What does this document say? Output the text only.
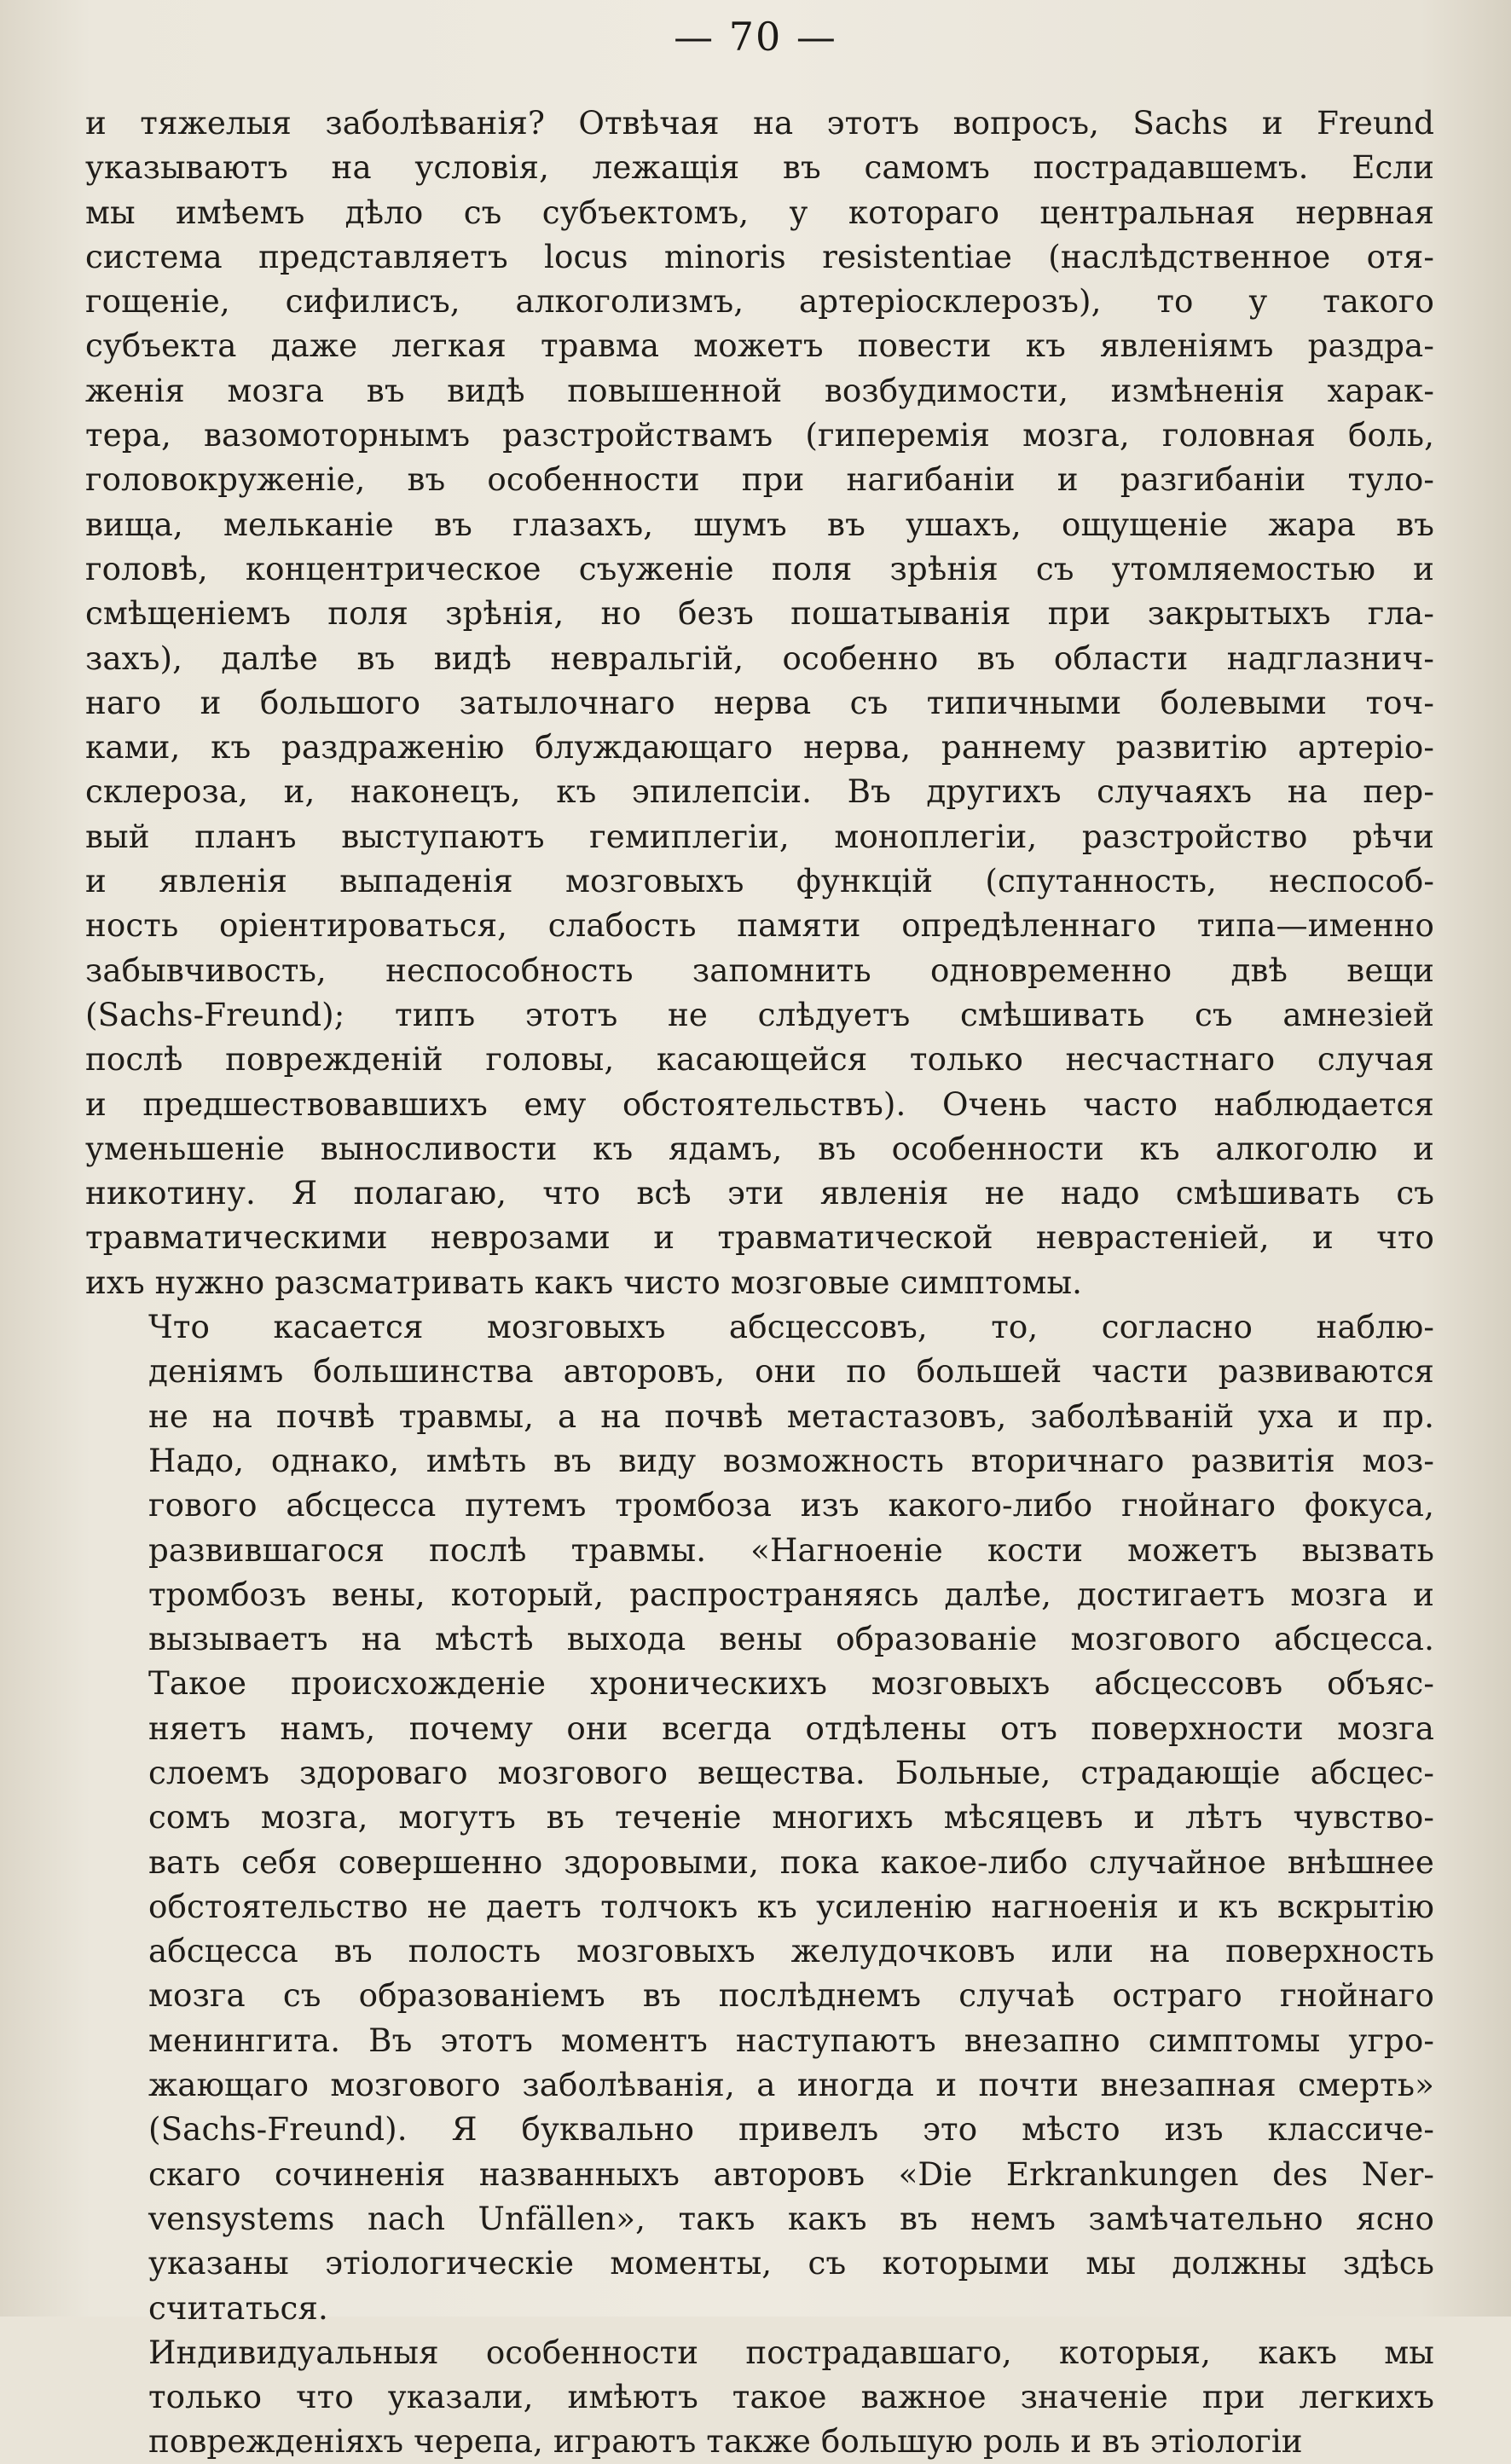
— 70 —
и тяжелыя заболѣванія? Отвѣчая на этотъ вопросъ, Sachs и Freund
указываютъ на условія, лежащія въ самомъ пострадавшемъ. Если
мы имѣемъ дѣло съ субъектомъ, у котораго центральная нервная
система представляетъ locus minoris resistentiae (наслѣдственное отя-
гощеніе, сифилисъ, алкоголизмъ, артеріосклерозъ), то у такого
субъекта даже легкая травма можетъ повести къ явленіямъ раздра-
женія мозга въ видѣ повышенной возбудимости, измѣненія харак-
тера, вазомоторнымъ разстройствамъ (гиперемія мозга, головная боль,
головокруженіе, въ особенности при нагибаніи и разгибаніи туло-
вища, мельканіе въ глазахъ, шумъ въ ушахъ, ощущеніе жара въ
головѣ, концентрическое съуженіе поля зрѣнія съ утомляемостью и
смѣщеніемъ поля зрѣнія, но безъ пошатыванія при закрытыхъ гла-
захъ), далѣе въ видѣ невральгій, особенно въ области надглазнич-
наго и большого затылочнаго нерва съ типичными болевыми точ-
ками, къ раздраженію блуждающаго нерва, раннему развитію артеріо-
склероза, и, наконецъ, къ эпилепсіи. Въ другихъ случаяхъ на пер-
вый планъ выступаютъ гемиплегіи, моноплегіи, разстройство рѣчи
и явленія выпаденія мозговыхъ функцій (спутанность, неспособ-
ность оріентироваться, слабость памяти опредѣленнаго типа—именно
забывчивость, неспособность запомнить одновременно двѣ вещи
(Sachs-Freund); типъ этотъ не слѣдуетъ смѣшивать съ амнезіей
послѣ поврежденій головы, касающейся только несчастнаго случая
и предшествовавшихъ ему обстоятельствъ). Очень часто наблюдается
уменьшеніе выносливости къ ядамъ, въ особенности къ алкоголю и
никотину. Я полагаю, что всѣ эти явленія не надо смѣшивать съ
травматическими неврозами и травматической неврастеніей, и что
ихъ нужно разсматривать какъ чисто мозговые симптомы.
Что касается мозговыхъ абсцессовъ, то, согласно наблю-
деніямъ большинства авторовъ, они по большей части развиваются
не на почвѣ травмы, а на почвѣ метастазовъ, заболѣваній уха и пр.
Надо, однако, имѣть въ виду возможность вторичнаго развитія моз-
гового абсцесса путемъ тромбоза изъ какого-либо гнойнаго фокуса,
развившагося послѣ травмы. «Нагноеніе кости можетъ вызвать
тромбозъ вены, который, распространяясь далѣе, достигаетъ мозга и
вызываетъ на мѣстѣ выхода вены образованіе мозгового абсцесса.
Такое происхожденіе хроническихъ мозговыхъ абсцессовъ объяс-
няетъ намъ, почему они всегда отдѣлены отъ поверхности мозга
слоемъ здороваго мозгового вещества. Больные, страдающіе абсцес-
сомъ мозга, могутъ въ теченіе многихъ мѣсяцевъ и лѣтъ чувство-
вать себя совершенно здоровыми, пока какое-либо случайное внѣшнее
обстоятельство не даетъ толчокъ къ усиленію нагноенія и къ вскрытію
абсцесса въ полость мозговыхъ желудочковъ или на поверхность
мозга съ образованіемъ въ послѣднемъ случаѣ остраго гнойнаго
менингита. Въ этотъ моментъ наступаютъ внезапно симптомы угро-
жающаго мозгового заболѣванія, а иногда и почти внезапная смерть»
(Sachs-Freund). Я буквально привелъ это мѣсто изъ классиче-
скаго сочиненія названныхъ авторовъ «Die Erkrankungen des Ner-
vensystems nach Unfällen», такъ какъ въ немъ замѣчательно ясно
указаны этіологическіе моменты, съ которыми мы должны здѣсь
считаться.
Индивидуальныя особенности пострадавшаго, которыя, какъ мы
только что указали, имѣютъ такое важное значеніе при легкихъ
поврежденіяхъ черепа, играютъ также большую роль и въ этіологіи
